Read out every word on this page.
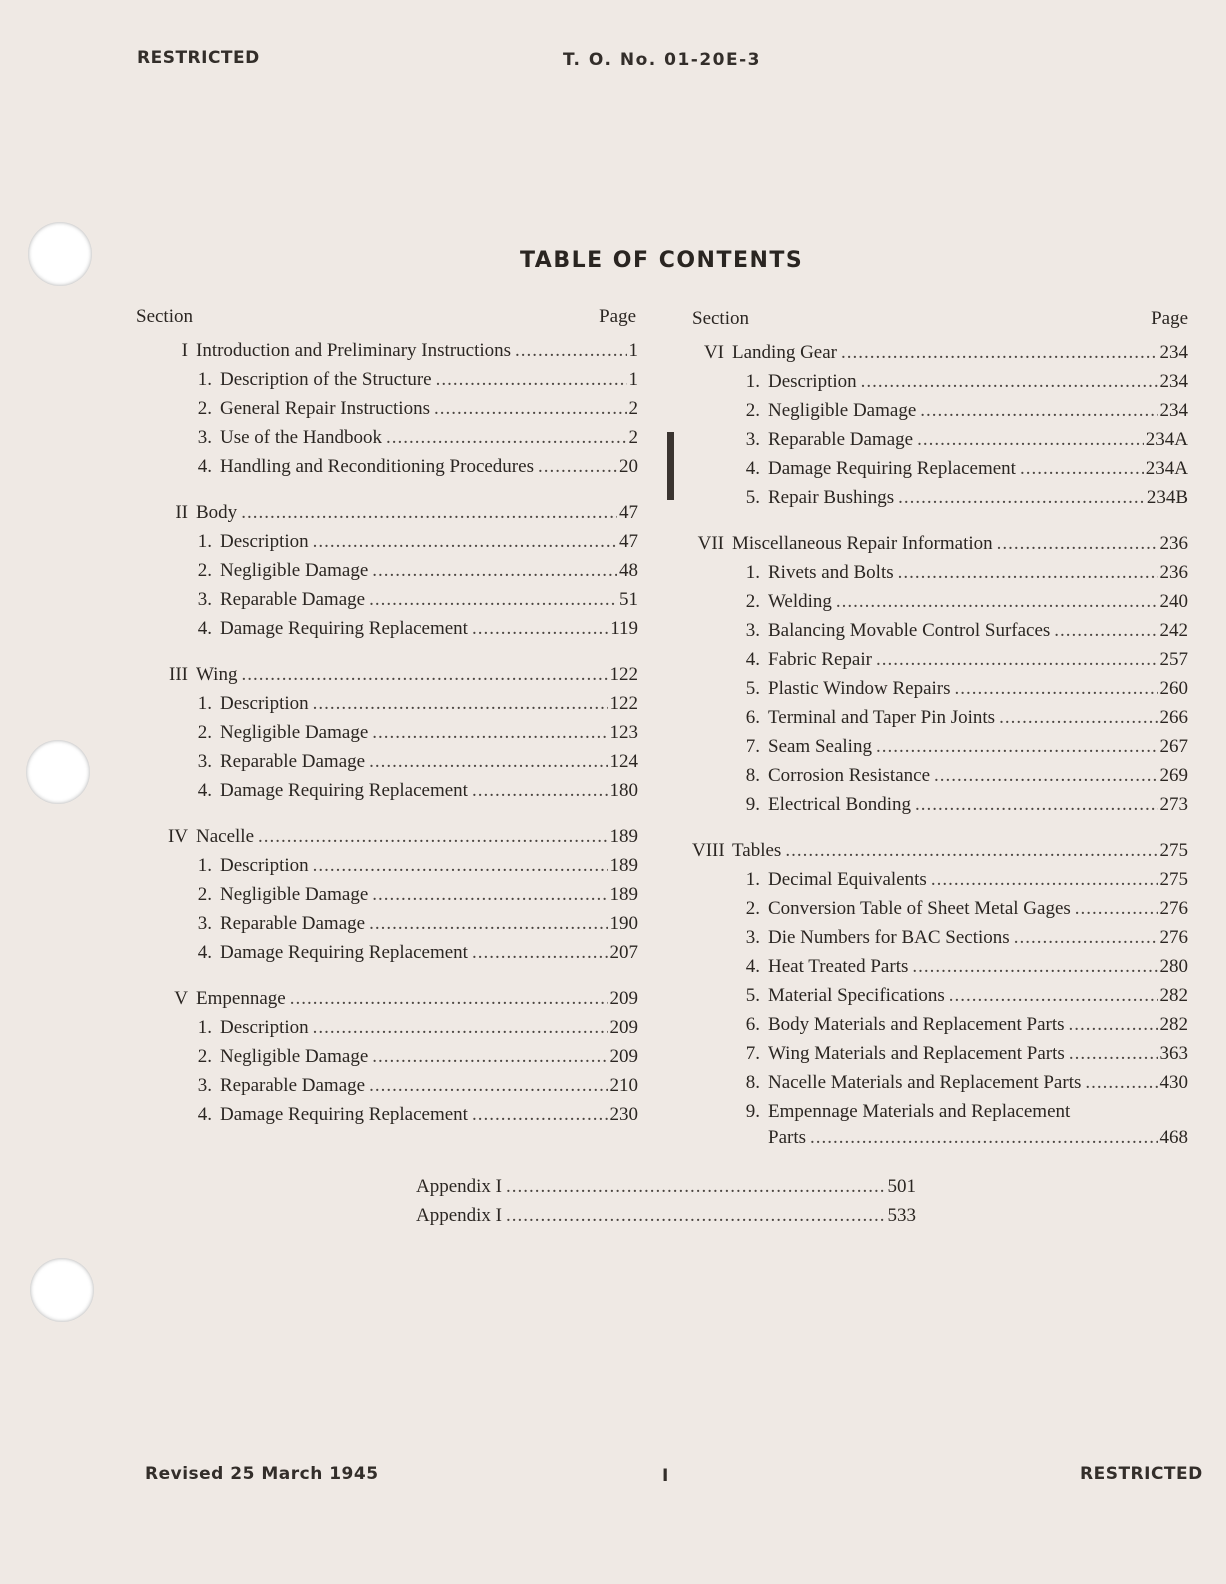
RESTRICTED	T. O. No. 01-20E-3
TABLE OF CONTENTS
Section	Page
I Introduction and Preliminary Instructions .....	1
1. Description of the Structure .....	1
2. General Repair Instructions .....	2
3. Use of the Handbook .....	2
4. Handling and Reconditioning Procedures .....	20
II Body .....	47
1. Description .....	47
2. Negligible Damage .....	48
3. Reparable Damage .....	51
4. Damage Requiring Replacement .....	119
III Wing .....	122
1. Description .....	122
2. Negligible Damage .....	123
3. Reparable Damage .....	124
4. Damage Requiring Replacement .....	180
IV Nacelle .....	189
1. Description .....	189
2. Negligible Damage .....	189
3. Reparable Damage .....	190
4. Damage Requiring Replacement .....	207
V Empennage .....	209
1. Description .....	209
2. Negligible Damage .....	209
3. Reparable Damage .....	210
4. Damage Requiring Replacement .....	230
Section	Page
VI Landing Gear .....	234
1. Description .....	234
2. Negligible Damage .....	234
3. Reparable Damage .....	234A
4. Damage Requiring Replacement .....	234A
5. Repair Bushings .....	234B
VII Miscellaneous Repair Information .....	236
1. Rivets and Bolts .....	236
2. Welding .....	240
3. Balancing Movable Control Surfaces .....	242
4. Fabric Repair .....	257
5. Plastic Window Repairs .....	260
6. Terminal and Taper Pin Joints .....	266
7. Seam Sealing .....	267
8. Corrosion Resistance .....	269
9. Electrical Bonding .....	273
VIII Tables .....	275
1. Decimal Equivalents .....	275
2. Conversion Table of Sheet Metal Gages .....	276
3. Die Numbers for BAC Sections .....	276
4. Heat Treated Parts .....	280
5. Material Specifications .....	282
6. Body Materials and Replacement Parts .....	282
7. Wing Materials and Replacement Parts .....	363
8. Nacelle Materials and Replacement Parts .....	430
9. Empennage Materials and Replacement
Parts .....	468
Appendix I .....	501
Appendix I .....	533
Revised 25 March 1945	I	RESTRICTED
